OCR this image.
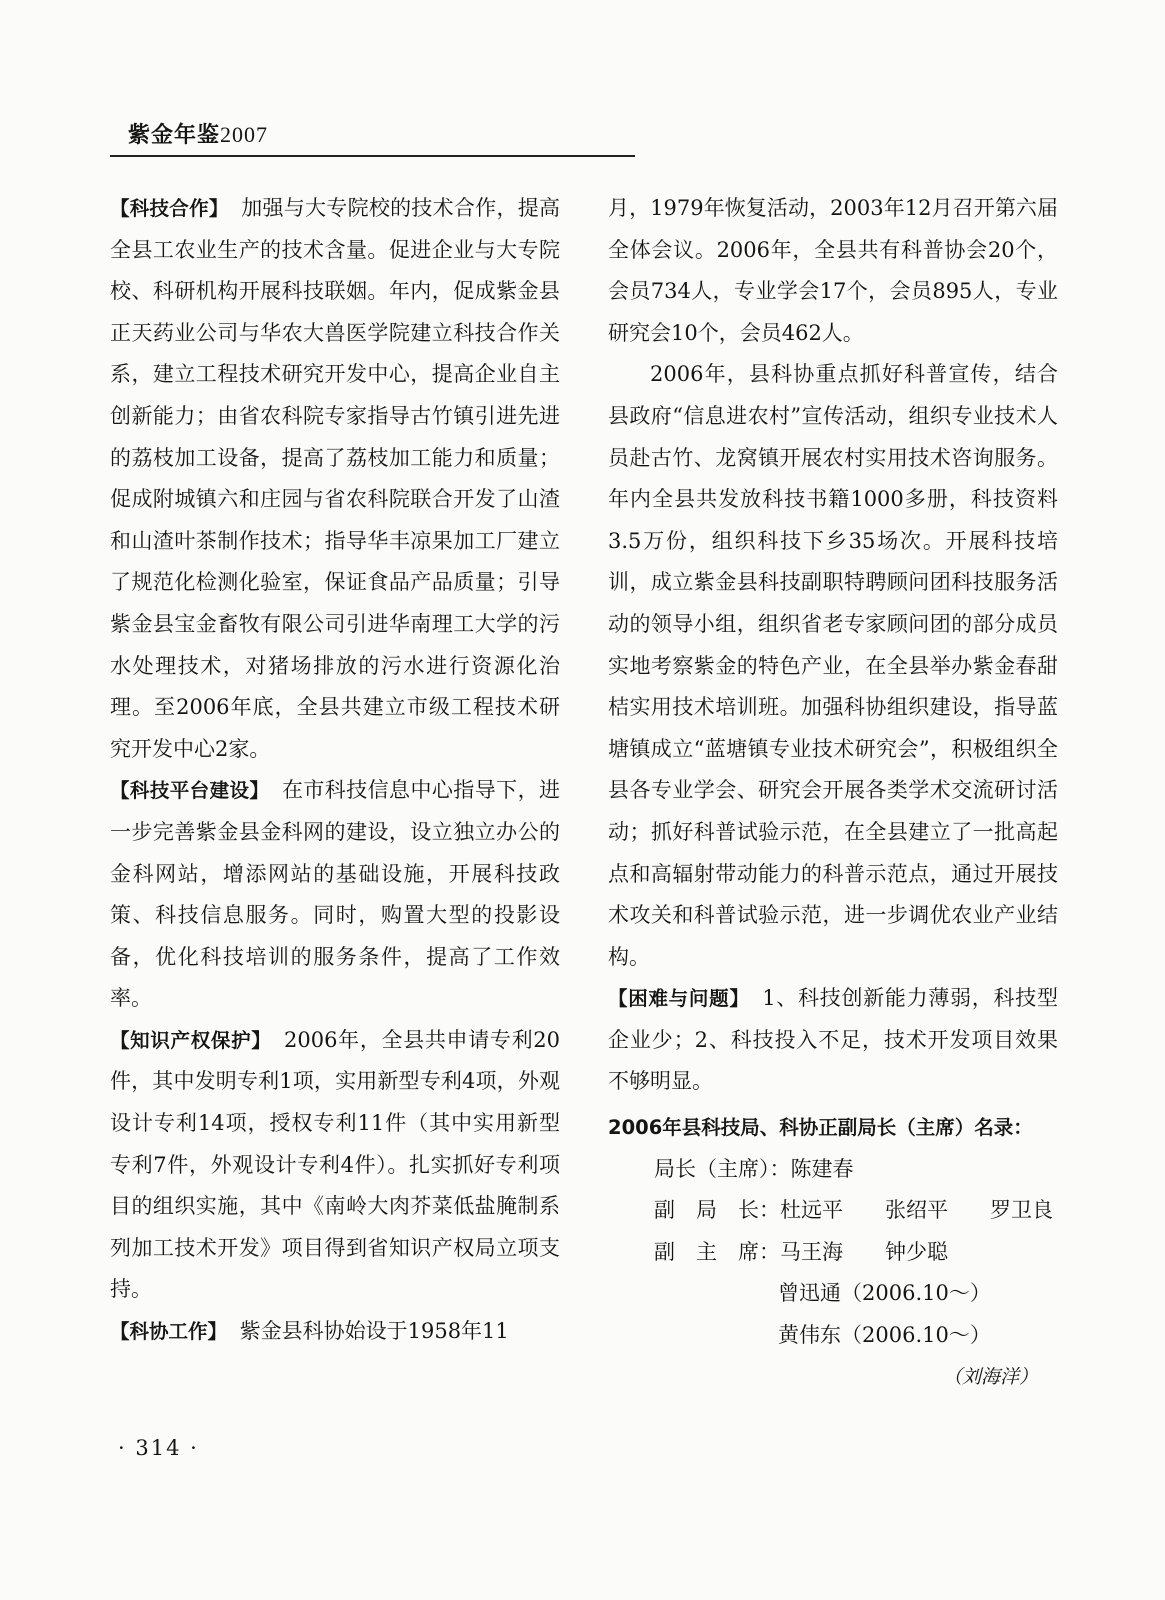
紫金年鉴2007

【科技合作】 加强与大专院校的技术合作，提高全县工农业生产的技术含量。促进企业与大专院校、科研机构开展科技联姻。年内，促成紫金县正天药业公司与华农大兽医学院建立科技合作关系，建立工程技术研究开发中心，提高企业自主创新能力；由省农科院专家指导古竹镇引进先进的荔枝加工设备，提高了荔枝加工能力和质量；促成附城镇六和庄园与省农科院联合开发了山渣和山渣叶茶制作技术；指导华丰凉果加工厂建立了规范化检测化验室，保证食品产品质量；引导紫金县宝金畜牧有限公司引进华南理工大学的污水处理技术，对猪场排放的污水进行资源化治理。至2006年底，全县共建立市级工程技术研究开发中心2家。

【科技平台建设】 在市科技信息中心指导下，进一步完善紫金县金科网的建设，设立独立办公的金科网站，增添网站的基础设施，开展科技政策、科技信息服务。同时，购置大型的投影设备，优化科技培训的服务条件，提高了工作效率。

【知识产权保护】 2006年，全县共申请专利20件，其中发明专利1项，实用新型专利4项，外观设计专利14项，授权专利11件（其中实用新型专利7件，外观设计专利4件）。扎实抓好专利项目的组织实施，其中《南岭大肉芥菜低盐腌制系列加工技术开发》项目得到省知识产权局立项支持。

【科协工作】 紫金县科协始设于1958年11

月，1979年恢复活动，2003年12月召开第六届全体会议。2006年，全县共有科普协会20个，会员734人，专业学会17个，会员895人，专业研究会10个，会员462人。

2006年，县科协重点抓好科普宣传，结合县政府“信息进农村”宣传活动，组织专业技术人员赴古竹、龙窝镇开展农村实用技术咨询服务。年内全县共发放科技书籍1000多册，科技资料3.5万份，组织科技下乡35场次。开展科技培训，成立紫金县科技副职特聘顾问团科技服务活动的领导小组，组织省老专家顾问团的部分成员实地考察紫金的特色产业，在全县举办紫金春甜桔实用技术培训班。加强科协组织建设，指导蓝塘镇成立“蓝塘镇专业技术研究会”，积极组织全县各专业学会、研究会开展各类学术交流研讨活动；抓好科普试验示范，在全县建立了一批高起点和高辐射带动能力的科普示范点，通过开展技术攻关和科普试验示范，进一步调优农业产业结构。

【困难与问题】 1、科技创新能力薄弱，科技型企业少；2、科技投入不足，技术开发项目效果不够明显。

2006年县科技局、科协正副局长（主席）名录：
局长（主席）：陈建春
副　局　长：杜远平　　张绍平　　罗卫良
副　主　席：马王海　　钟少聪
曾迅通（2006.10～）
黄伟东（2006.10～）
（刘海洋）
· 314 ·
